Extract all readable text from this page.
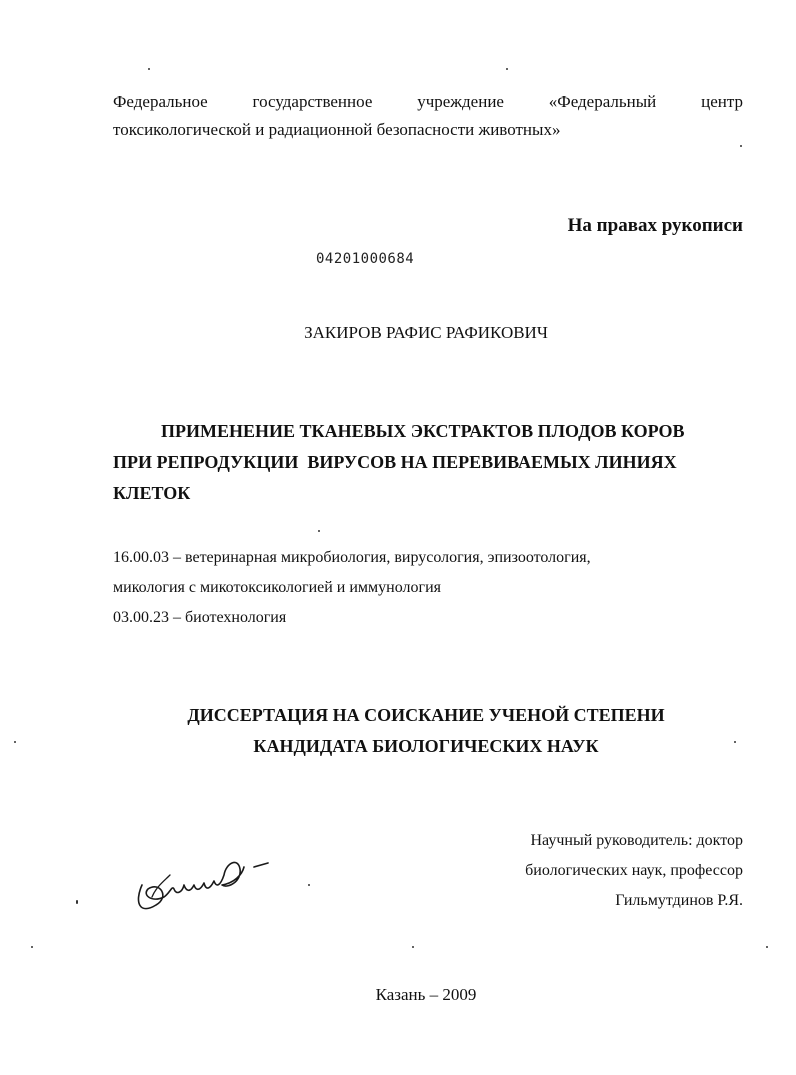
Федеральное	государственное	учреждение	«Федеральный	центр
токсикологической и радиационной безопасности животных»
На правах рукописи
04201000684
ЗАКИРОВ РАФИС РАФИКОВИЧ
ПРИМЕНЕНИЕ ТКАНЕВЫХ ЭКСТРАКТОВ ПЛОДОВ КОРОВ
ПРИ РЕПРОДУКЦИИ  ВИРУСОВ НА ПЕРЕВИВАЕМЫХ ЛИНИЯХ
КЛЕТОК
16.00.03 – ветеринарная микробиология, вирусология, эпизоотология,
микология с микотоксикологией и иммунология
03.00.23 – биотехнология
ДИССЕРТАЦИЯ НА СОИСКАНИЕ УЧЕНОЙ СТЕПЕНИ
КАНДИДАТА БИОЛОГИЧЕСКИХ НАУК
Научный руководитель: доктор
биологических наук, профессор
Гильмутдинов Р.Я.
Казань – 2009
